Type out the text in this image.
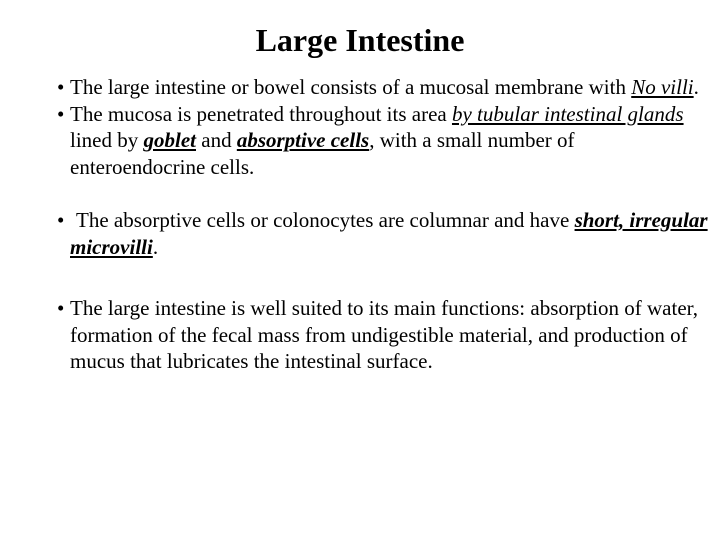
Large Intestine
• The large intestine or bowel consists of a mucosal membrane with No villi.
• The mucosa is penetrated throughout its area by tubular intestinal glands lined by goblet and absorptive cells, with a small number of enteroendocrine cells.
• The absorptive cells or colonocytes are columnar and have short, irregular microvilli.
• The large intestine is well suited to its main functions: absorption of water, formation of the fecal mass from undigestible material, and production of mucus that lubricates the intestinal surface.
